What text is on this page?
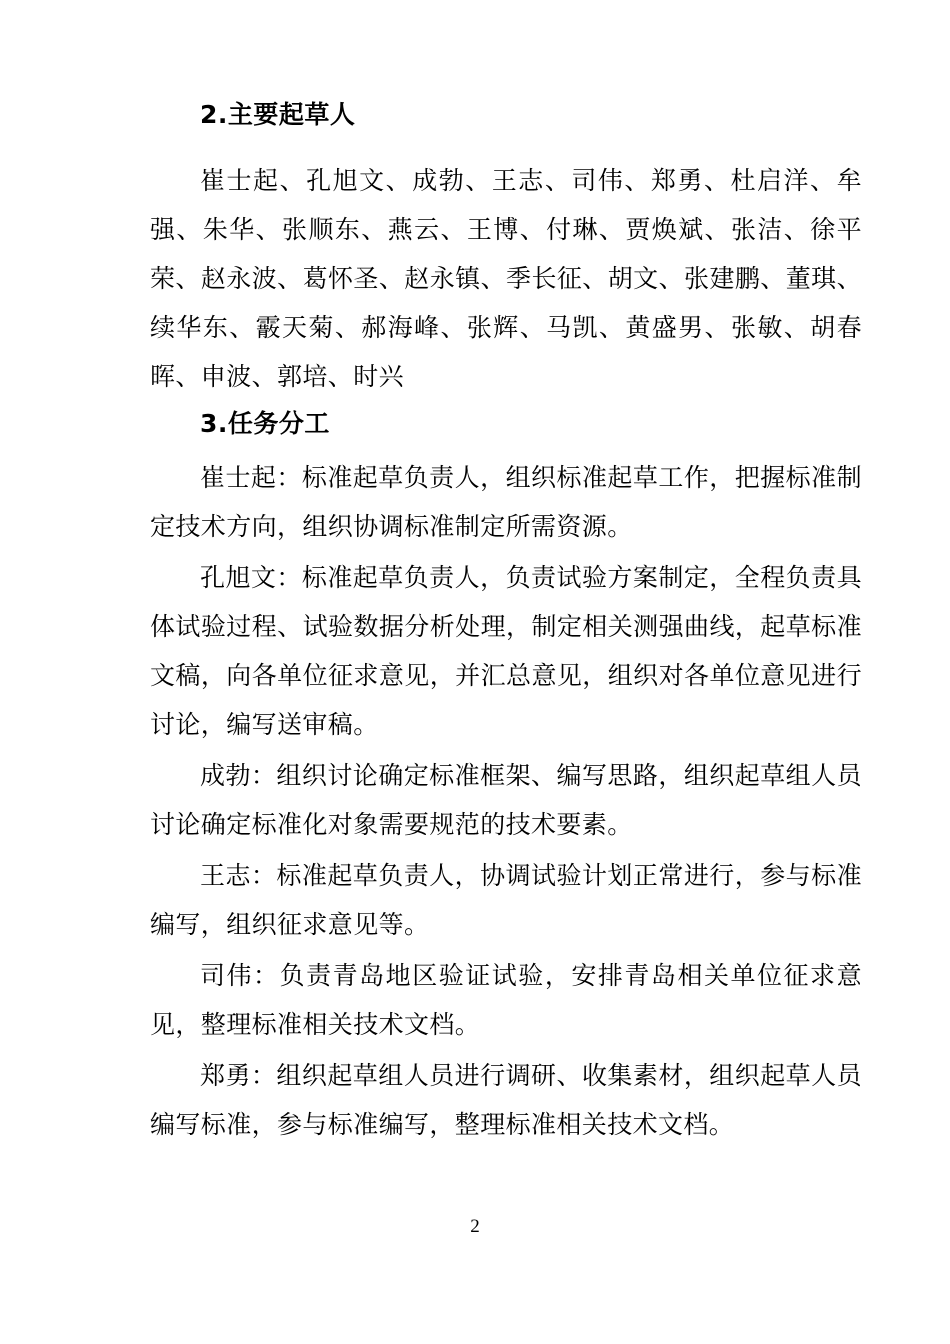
2.主要起草人

崔士起、孔旭文、成勃、王志、司伟、郑勇、杜启洋、牟强、朱华、张顺东、燕云、王博、付琳、贾焕斌、张洁、徐平荣、赵永波、葛怀圣、赵永镇、季长征、胡文、张建鹏、董琪、续华东、霰天菊、郝海峰、张辉、马凯、黄盛男、张敏、胡春晖、申波、郭培、时兴

3.任务分工

崔士起：标准起草负责人，组织标准起草工作，把握标准制定技术方向，组织协调标准制定所需资源。

孔旭文：标准起草负责人，负责试验方案制定，全程负责具体试验过程、试验数据分析处理，制定相关测强曲线，起草标准文稿，向各单位征求意见，并汇总意见，组织对各单位意见进行讨论，编写送审稿。

成勃：组织讨论确定标准框架、编写思路，组织起草组人员讨论确定标准化对象需要规范的技术要素。

王志：标准起草负责人，协调试验计划正常进行，参与标准编写，组织征求意见等。

司伟：负责青岛地区验证试验，安排青岛相关单位征求意见，整理标准相关技术文档。

郑勇：组织起草组人员进行调研、收集素材，组织起草人员编写标准，参与标准编写，整理标准相关技术文档。

2
